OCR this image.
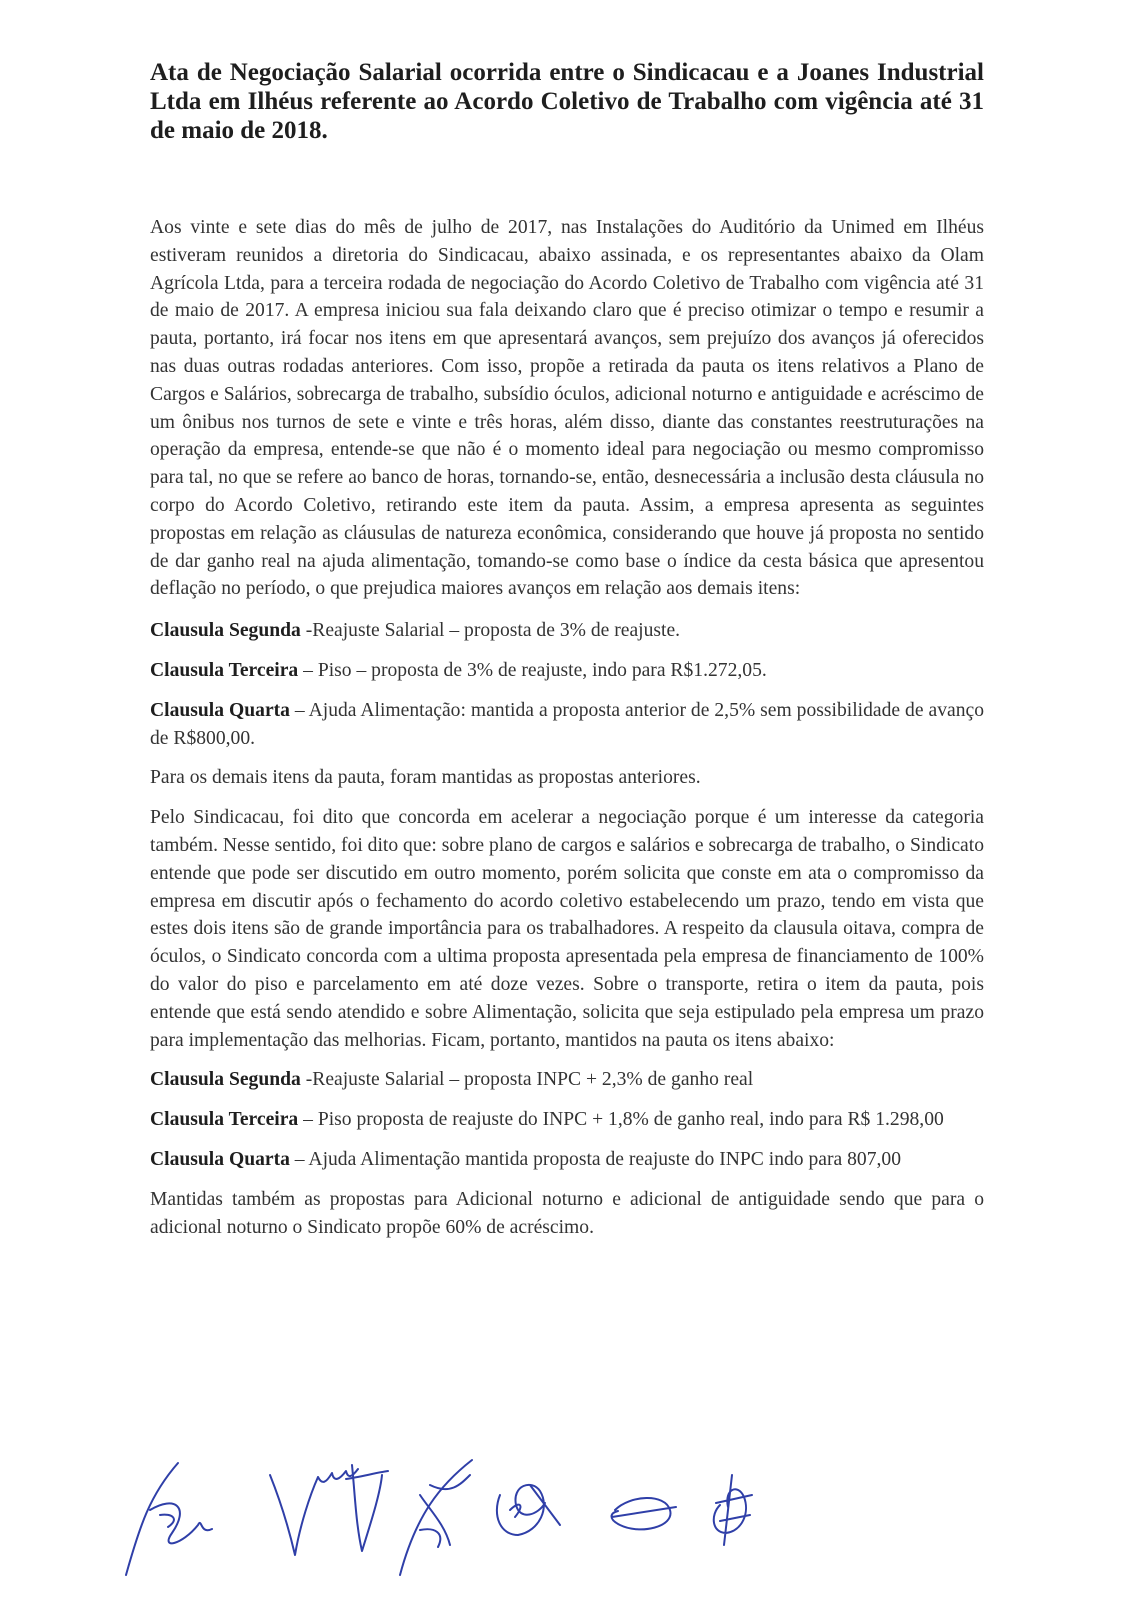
Ata de Negociação Salarial ocorrida entre o Sindicacau e a Joanes Industrial Ltda em Ilhéus referente ao Acordo Coletivo de Trabalho com vigência até 31 de maio de 2018.

Aos vinte e sete dias do mês de julho de 2017, nas Instalações do Auditório da Unimed em Ilhéus estiveram reunidos a diretoria do Sindicacau, abaixo assinada, e os representantes abaixo da Olam Agrícola Ltda, para a terceira rodada de negociação do Acordo Coletivo de Trabalho com vigência até 31 de maio de 2017. A empresa iniciou sua fala deixando claro que é preciso otimizar o tempo e resumir a pauta, portanto, irá focar nos itens em que apresentará avanços, sem prejuízo dos avanços já oferecidos nas duas outras rodadas anteriores. Com isso, propõe a retirada da pauta os itens relativos a Plano de Cargos e Salários, sobrecarga de trabalho, subsídio óculos, adicional noturno e antiguidade e acréscimo de um ônibus nos turnos de sete e vinte e três horas, além disso, diante das constantes reestruturações na operação da empresa, entende-se que não é o momento ideal para negociação ou mesmo compromisso para tal, no que se refere ao banco de horas, tornando-se, então, desnecessária a inclusão desta cláusula no corpo do Acordo Coletivo, retirando este item da pauta. Assim, a empresa apresenta as seguintes propostas em relação as cláusulas de natureza econômica, considerando que houve já proposta no sentido de dar ganho real na ajuda alimentação, tomando-se como base o índice da cesta básica que apresentou deflação no período, o que prejudica maiores avanços em relação aos demais itens:

Clausula Segunda -Reajuste Salarial – proposta de 3% de reajuste.

Clausula Terceira – Piso – proposta de 3% de reajuste, indo para R$1.272,05.

Clausula Quarta – Ajuda Alimentação: mantida a proposta anterior de 2,5% sem possibilidade de avanço de R$800,00.

Para os demais itens da pauta, foram mantidas as propostas anteriores.

Pelo Sindicacau, foi dito que concorda em acelerar a negociação porque é um interesse da categoria também. Nesse sentido, foi dito que: sobre plano de cargos e salários e sobrecarga de trabalho, o Sindicato entende que pode ser discutido em outro momento, porém solicita que conste em ata o compromisso da empresa em discutir após o fechamento do acordo coletivo estabelecendo um prazo, tendo em vista que estes dois itens são de grande importância para os trabalhadores. A respeito da clausula oitava, compra de óculos, o Sindicato concorda com a ultima proposta apresentada pela empresa de financiamento de 100% do valor do piso e parcelamento em até doze vezes. Sobre o transporte, retira o item da pauta, pois entende que está sendo atendido e sobre Alimentação, solicita que seja estipulado pela empresa um prazo para implementação das melhorias. Ficam, portanto, mantidos na pauta os itens abaixo:

Clausula Segunda -Reajuste Salarial – proposta INPC + 2,3% de ganho real

Clausula Terceira – Piso proposta de reajuste do INPC + 1,8% de ganho real, indo para R$ 1.298,00

Clausula Quarta – Ajuda Alimentação mantida proposta de reajuste do INPC indo para 807,00

Mantidas também as propostas para Adicional noturno e adicional de antiguidade sendo que para o adicional noturno o Sindicato propõe 60% de acréscimo.
